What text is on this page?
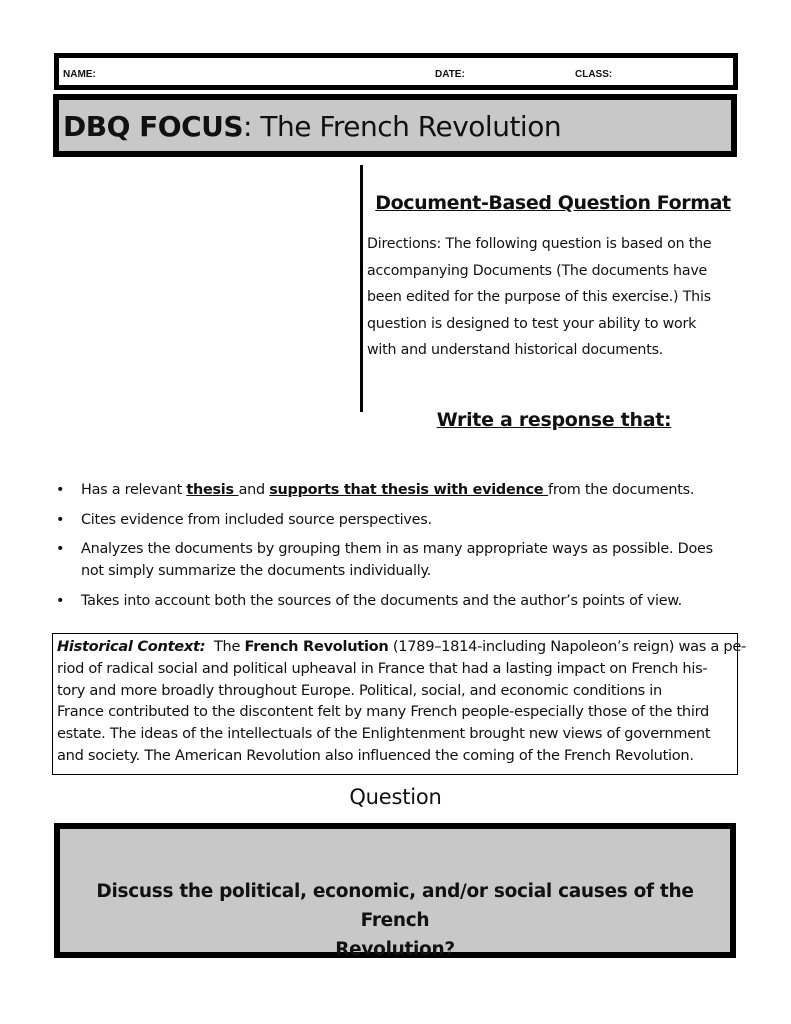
NAME:	DATE:	CLASS:
DBQ FOCUS: The French Revolution
Document-Based Question Format
Directions: The following question is based on the
accompanying Documents (The documents have
been edited for the purpose of this exercise.) This
question is designed to test your ability to work
with and understand historical documents.
Write a response that:
• Has a relevant thesis and supports that thesis with evidence from the documents.
• Cites evidence from included source perspectives.
• Analyzes the documents by grouping them in as many appropriate ways as possible. Does
not simply summarize the documents individually.
• Takes into account both the sources of the documents and the author’s points of view.
Historical Context:  The French Revolution (1789–1814-including Napoleon’s reign) was a pe-
riod of radical social and political upheaval in France that had a lasting impact on French his-
tory and more broadly throughout Europe. Political, social, and economic conditions in
France contributed to the discontent felt by many French people-especially those of the third
estate. The ideas of the intellectuals of the Enlightenment brought new views of government
and society. The American Revolution also influenced the coming of the French Revolution.
Question
Discuss the political, economic, and/or social causes of the French
Revolution?
